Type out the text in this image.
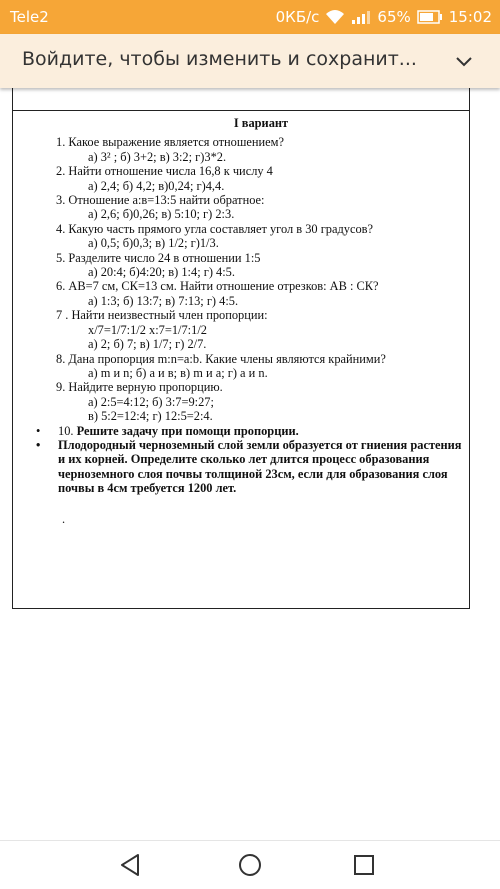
Tele2	0КБ/с	65%	15:02
Войдите, чтобы изменить и сохранит...
I вариант
1. Какое выражение является отношением?
а) 3² ; б) 3+2; в) 3:2; г)3*2.
2. Найти отношение числа 16,8 к числу 4
а) 2,4; б) 4,2; в)0,24; г)4,4.
3. Отношение а:в=13:5 найти обратное:
а) 2,6; б)0,26; в) 5:10; г) 2:3.
4. Какую часть прямого угла составляет угол в 30 градусов?
а) 0,5; б)0,3; в) 1/2; г)1/3.
5. Разделите число 24 в отношении 1:5
а) 20:4; б)4:20; в) 1:4; г) 4:5.
6. АВ=7 см, СК=13 см. Найти отношение отрезков: АВ : СК?
а) 1:3; б) 13:7; в) 7:13; г) 4:5.
7 . Найти неизвестный член пропорции:
х/7=1/7:1/2 х:7=1/7:1/2
а) 2; б) 7; в) 1/7; г) 2/7.
8. Дана пропорция m:n=a:b. Какие члены являются крайними?
а) m и n; б) а и в; в) m и а; г) а и n.
9. Найдите верную пропорцию.
а) 2:5=4:12; б) 3:7=9:27;
в) 5:2=12:4; г) 12:5=2:4.
• 10. Решите задачу при помощи пропорции.
• Плодородный черноземный слой земли образуется от гниения растения и их корней. Определите сколько лет длится процесс образования черноземного слоя почвы толщиной 23см, если для образования слоя почвы в 4см требуется 1200 лет.
.
